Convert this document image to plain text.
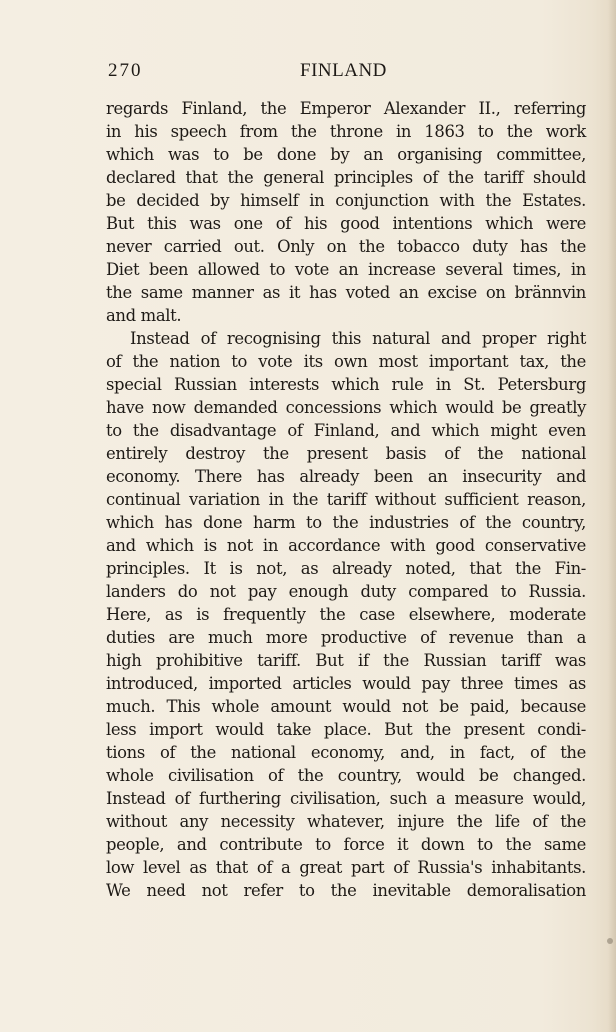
270	FINLAND
regards Finland, the Emperor Alexander II., referring
in his speech from the throne in 1863 to the work
which was to be done by an organising committee,
declared that the general principles of the tariff should
be decided by himself in conjunction with the Estates.
But this was one of his good intentions which were
never carried out. Only on the tobacco duty has the
Diet been allowed to vote an increase several times, in
the same manner as it has voted an excise on brännvin
and malt.
Instead of recognising this natural and proper right
of the nation to vote its own most important tax, the
special Russian interests which rule in St. Petersburg
have now demanded concessions which would be greatly
to the disadvantage of Finland, and which might even
entirely destroy the present basis of the national
economy. There has already been an insecurity and
continual variation in the tariff without sufficient reason,
which has done harm to the industries of the country,
and which is not in accordance with good conservative
principles. It is not, as already noted, that the Fin-
landers do not pay enough duty compared to Russia.
Here, as is frequently the case elsewhere, moderate
duties are much more productive of revenue than a
high prohibitive tariff. But if the Russian tariff was
introduced, imported articles would pay three times as
much. This whole amount would not be paid, because
less import would take place. But the present condi-
tions of the national economy, and, in fact, of the
whole civilisation of the country, would be changed.
Instead of furthering civilisation, such a measure would,
without any necessity whatever, injure the life of the
people, and contribute to force it down to the same
low level as that of a great part of Russia's inhabitants.
We need not refer to the inevitable demoralisation
